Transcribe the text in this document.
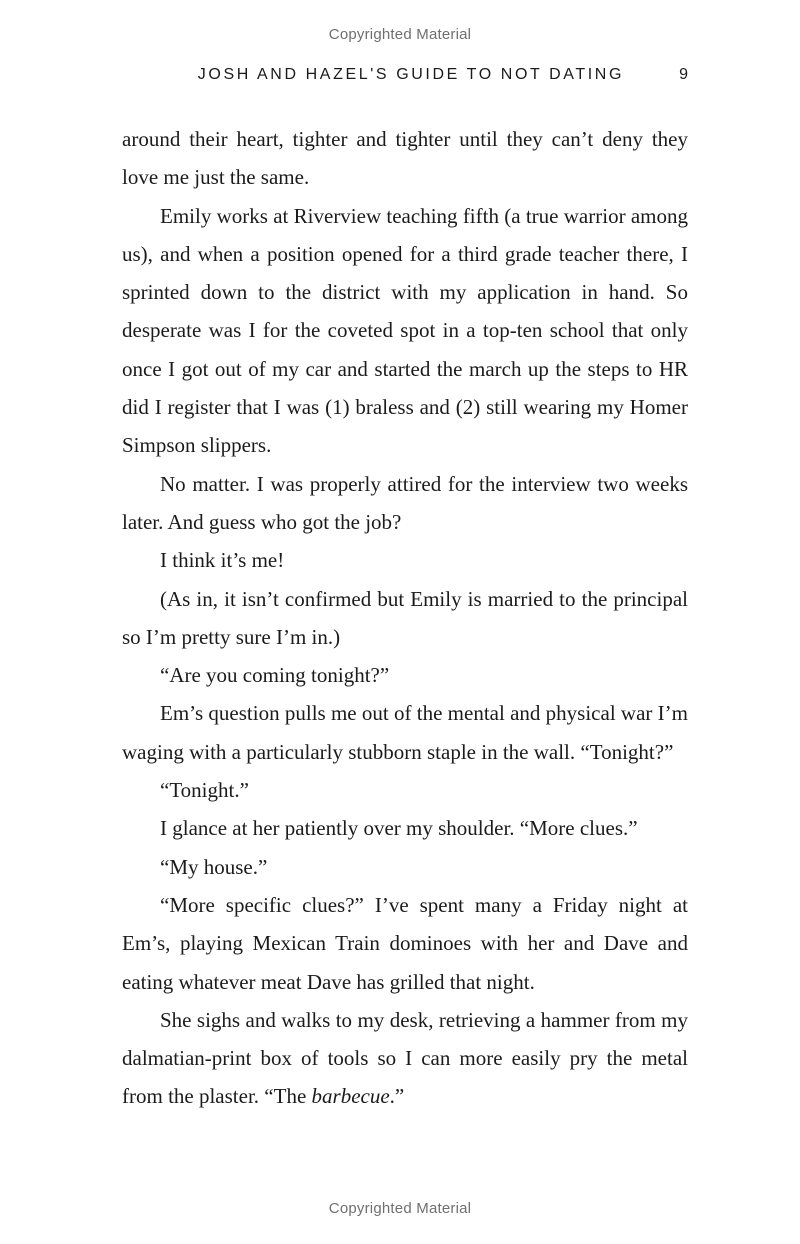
Copyrighted Material
JOSH AND HAZEL'S GUIDE TO NOT DATING	9

around their heart, tighter and tighter until they can’t deny they love me just the same.

Emily works at Riverview teaching fifth (a true warrior among us), and when a position opened for a third grade teacher there, I sprinted down to the district with my application in hand. So desperate was I for the coveted spot in a top-ten school that only once I got out of my car and started the march up the steps to HR did I register that I was (1) braless and (2) still wearing my Homer Simpson slippers.

No matter. I was properly attired for the interview two weeks later. And guess who got the job?

I think it’s me!

(As in, it isn’t confirmed but Emily is married to the principal so I’m pretty sure I’m in.)

“Are you coming tonight?”

Em’s question pulls me out of the mental and physical war I’m waging with a particularly stubborn staple in the wall. “Tonight?”

“Tonight.”

I glance at her patiently over my shoulder. “More clues.”

“My house.”

“More specific clues?” I’ve spent many a Friday night at Em’s, playing Mexican Train dominoes with her and Dave and eating whatever meat Dave has grilled that night.

She sighs and walks to my desk, retrieving a hammer from my dalmatian-print box of tools so I can more easily pry the metal from the plaster. “The barbecue.”

Copyrighted Material
